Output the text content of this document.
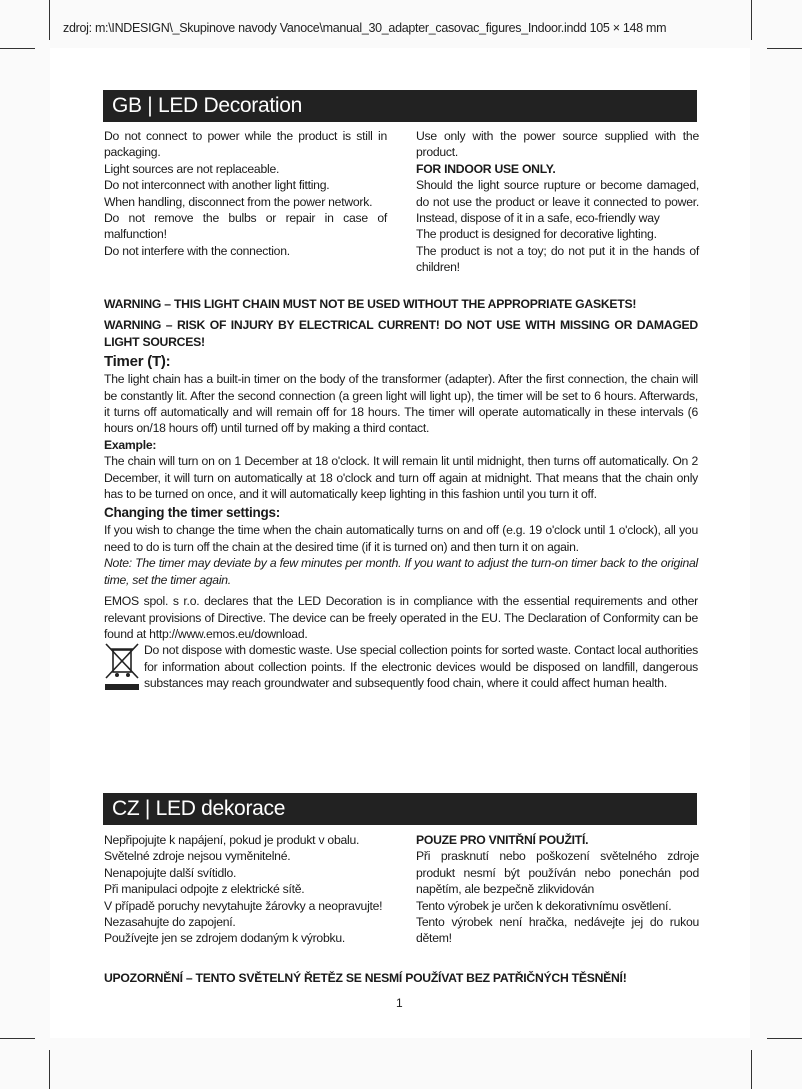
zdroj: m:\INDESIGN\_Skupinove navody Vanoce\manual_30_adapter_casovac_figures_Indoor.indd 105 × 148 mm
GB | LED Decoration

Do not connect to power while the product is still in packaging.

Light sources are not replaceable.

Do not interconnect with another light fitting.

When handling, disconnect from the power network.

Do not remove the bulbs or repair in case of malfunction!

Do not interfere with the connection.

Use only with the power source supplied with the product.

FOR INDOOR USE ONLY.

Should the light source rupture or become damaged, do not use the product or leave it connected to power. Instead, dispose of it in a safe, eco-friendly way

The product is designed for decorative lighting.

The product is not a toy; do not put it in the hands of children!

WARNING – THIS LIGHT CHAIN MUST NOT BE USED WITHOUT THE APPROPRIATE GASKETS!

WARNING – RISK OF INJURY BY ELECTRICAL CURRENT! DO NOT USE WITH MISSING OR DAMAGED LIGHT SOURCES!

Timer (T):

The light chain has a built-in timer on the body of the transformer (adapter). After the first connection, the chain will be constantly lit. After the second connection (a green light will light up), the timer will be set to 6 hours. Afterwards, it turns off automatically and will remain off for 18 hours. The timer will operate automatically in these intervals (6 hours on/18 hours off) until turned off by making a third contact.

Example:

The chain will turn on on 1 December at 18 o'clock. It will remain lit until midnight, then turns off automatically. On 2 December, it will turn on automatically at 18 o'clock and turn off again at midnight. That means that the chain only has to be turned on once, and it will automatically keep lighting in this fashion until you turn it off.

Changing the timer settings:

If you wish to change the time when the chain automatically turns on and off (e.g. 19 o'clock until 1 o'clock), all you need to do is turn off the chain at the desired time (if it is turned on) and then turn it on again.

Note: The timer may deviate by a few minutes per month. If you want to adjust the turn-on timer back to the original time, set the timer again.

EMOS spol. s r.o. declares that the LED Decoration is in compliance with the essential requirements and other relevant provisions of Directive. The device can be freely operated in the EU. The Declaration of Conformity can be found at http://www.emos.eu/download.

Do not dispose with domestic waste. Use special collection points for sorted waste. Contact local authorities for information about collection points. If the electronic devices would be disposed on landfill, dangerous substances may reach groundwater and subsequently food chain, where it could affect human health.

CZ | LED dekorace

Nepřipojujte k napájení, pokud je produkt v obalu.

Světelné zdroje nejsou vyměnitelné.

Nenapojujte další svítidlo.

Při manipulaci odpojte z elektrické sítě.

V případě poruchy nevytahujte žárovky a neopravujte!

Nezasahujte do zapojení.

Používejte jen se zdrojem dodaným k výrobku.

POUZE PRO VNITŘNÍ POUŽITÍ.

Při prasknutí nebo poškození světelného zdroje produkt nesmí být používán nebo ponechán pod napětím, ale bezpečně zlikvidován

Tento výrobek je určen k dekorativnímu osvětlení.

Tento výrobek není hračka, nedávejte jej do rukou dětem!

UPOZORNĚNÍ – TENTO SVĚTELNÝ ŘETĚZ SE NESMÍ POUŽÍVAT BEZ PATŘIČNÝCH TĚSNĚNÍ!
1
